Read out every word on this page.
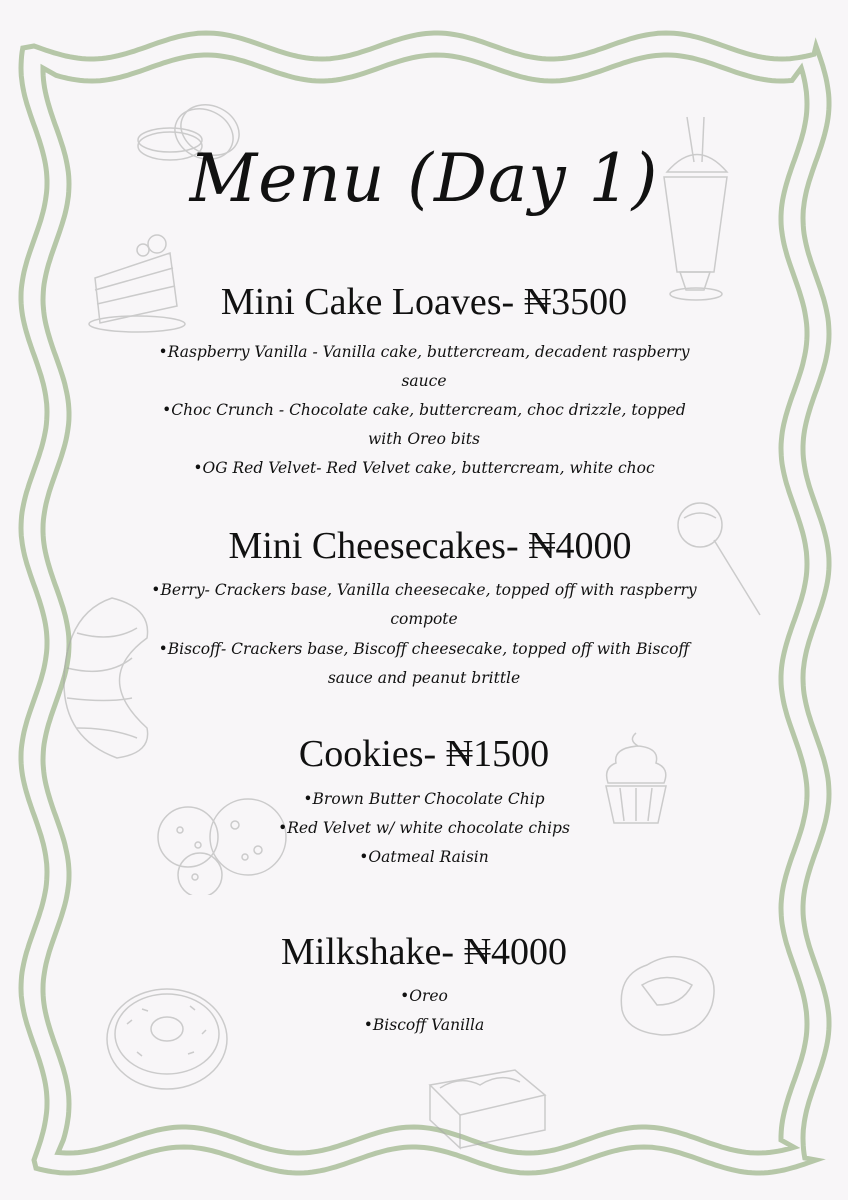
Menu (Day 1)
Mini Cake Loaves- ₦3500
•Raspberry Vanilla - Vanilla cake, buttercream, decadent raspberry sauce
•Choc Crunch - Chocolate cake, buttercream, choc drizzle, topped with Oreo bits
•OG Red Velvet- Red Velvet cake, buttercream, white choc
Mini Cheesecakes- ₦4000
•Berry- Crackers base, Vanilla cheesecake, topped off with raspberry compote
•Biscoff- Crackers base, Biscoff cheesecake, topped off with Biscoff sauce and peanut brittle
Cookies- ₦1500
•Brown Butter Chocolate Chip
•Red Velvet w/ white chocolate chips
•Oatmeal Raisin
Milkshake- ₦4000
•Oreo
•Biscoff Vanilla
